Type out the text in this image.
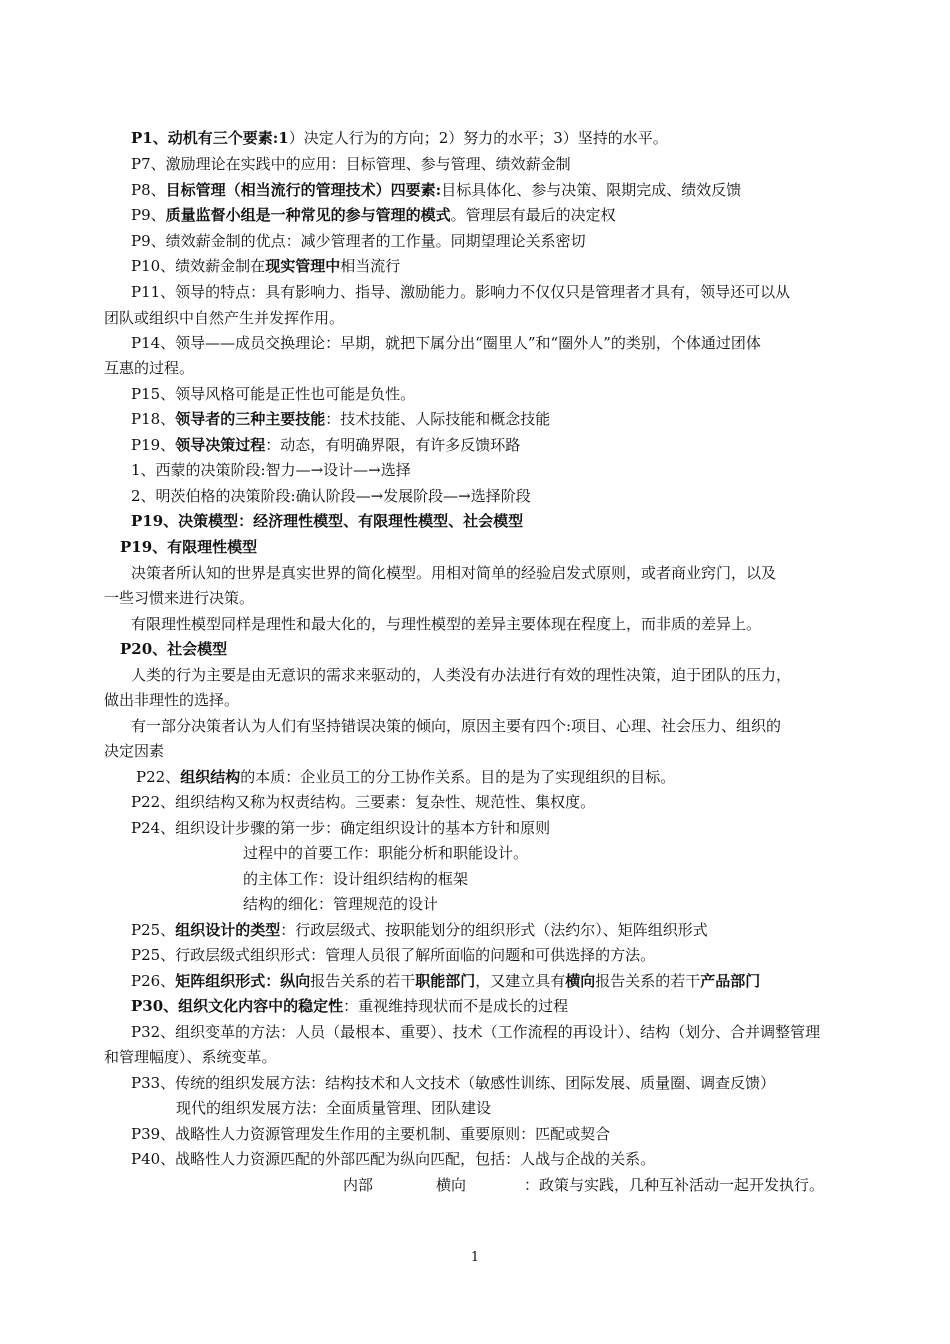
P1、动机有三个要素:1）决定人行为的方向；2）努力的水平；3）坚持的水平。

P7、激励理论在实践中的应用：目标管理、参与管理、绩效薪金制

P8、目标管理（相当流行的管理技术）四要素:目标具体化、参与决策、限期完成、绩效反馈

P9、质量监督小组是一种常见的参与管理的模式。管理层有最后的决定权

P9、绩效薪金制的优点：减少管理者的工作量。同期望理论关系密切

P10、绩效薪金制在现实管理中相当流行

P11、领导的特点：具有影响力、指导、激励能力。影响力不仅仅只是管理者才具有，领导还可以从

团队或组织中自然产生并发挥作用。

P14、领导——成员交换理论：早期，就把下属分出“圈里人”和“圈外人”的类别，个体通过团体

互惠的过程。

P15、领导风格可能是正性也可能是负性。

P18、领导者的三种主要技能：技术技能、人际技能和概念技能

P19、领导决策过程：动态，有明确界限，有许多反馈环路

1、西蒙的决策阶段:智力—→设计—→选择

2、明茨伯格的决策阶段:确认阶段—→发展阶段—→选择阶段

P19、决策模型：经济理性模型、有限理性模型、社会模型

P19、有限理性模型

决策者所认知的世界是真实世界的简化模型。用相对简单的经验启发式原则，或者商业窍门，以及

一些习惯来进行决策。

有限理性模型同样是理性和最大化的，与理性模型的差异主要体现在程度上，而非质的差异上。

P20、社会模型

人类的行为主要是由无意识的需求来驱动的，人类没有办法进行有效的理性决策，迫于团队的压力，

做出非理性的选择。

有一部分决策者认为人们有坚持错误决策的倾向，原因主要有四个:项目、心理、社会压力、组织的

决定因素

P22、组织结构的本质：企业员工的分工协作关系。目的是为了实现组织的目标。

P22、组织结构又称为权责结构。三要素：复杂性、规范性、集权度。

P24、组织设计步骤的第一步：确定组织设计的基本方针和原则

过程中的首要工作：职能分析和职能设计。

的主体工作：设计组织结构的框架

结构的细化：管理规范的设计

P25、组织设计的类型：行政层级式、按职能划分的组织形式（法约尔）、矩阵组织形式

P25、行政层级式组织形式：管理人员很了解所面临的问题和可供选择的方法。

P26、矩阵组织形式：纵向报告关系的若干职能部门，又建立具有横向报告关系的若干产品部门

P30、组织文化内容中的稳定性：重视维持现状而不是成长的过程

P32、组织变革的方法：人员（最根本、重要）、技术（工作流程的再设计）、结构（划分、合并调整管理

和管理幅度）、系统变革。

P33、传统的组织发展方法：结构技术和人文技术（敏感性训练、团际发展、质量圈、调查反馈）

现代的组织发展方法：全面质量管理、团队建设

P39、战略性人力资源管理发生作用的主要机制、重要原则：匹配或契合

P40、战略性人力资源匹配的外部匹配为纵向匹配，包括：人战与企战的关系。

内部	横向	：政策与实践，几种互补活动一起开发执行。

1
